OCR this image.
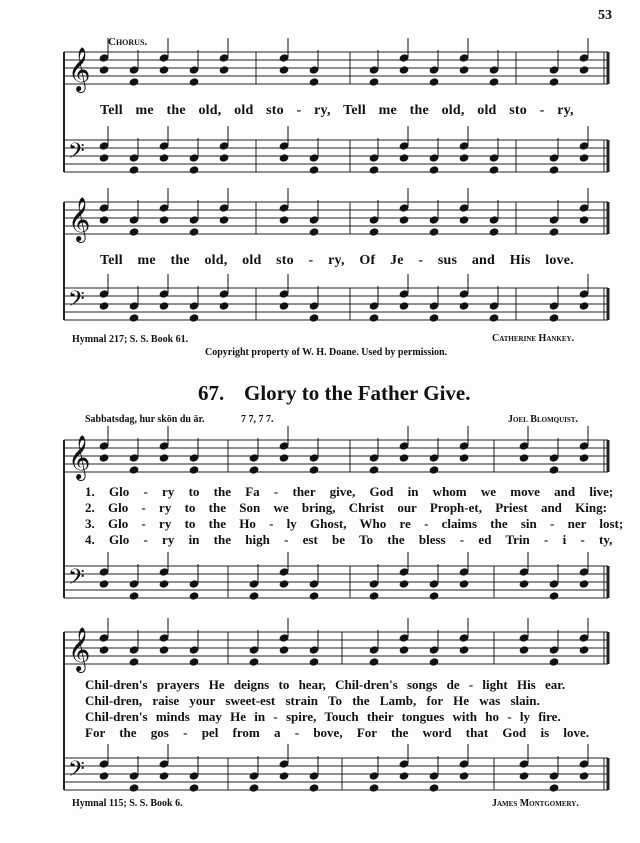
𝄞
𝄢
𝄞
𝄢
𝄞
𝄢
𝄞
𝄢
53
Chorus.
Tell me the old, old sto - ry, Tell me the old, old sto - ry,
Tell me the old, old sto - ry, Of Je - sus and His love.
Hymnal 217; S. S. Book 61.	Catherine Hankey.
Copyright property of W. H. Doane. Used by permission.
67. Glory to the Father Give.
Sabbatsdag, hur skön du är.	7 7, 7 7.	Joel Blomquist.
1. Glo - ry to the Fa - ther give, God in whom we move and live;
2. Glo - ry to the Son we bring, Christ our Proph-et, Priest and King:
3. Glo - ry to the Ho - ly Ghost, Who re - claims the sin - ner lost;
4. Glo - ry in the high - est be To the bless - ed Trin - i - ty,
Chil-dren's prayers He deigns to hear, Chil-dren's songs de - light His ear.
Chil-dren, raise your sweet-est strain To the Lamb, for He was slain.
Chil-dren's minds may He in - spire, Touch their tongues with ho - ly fire.
For the gos - pel from a - bove, For the word that God is love.
Hymnal 115; S. S. Book 6.	James Montgomery.
